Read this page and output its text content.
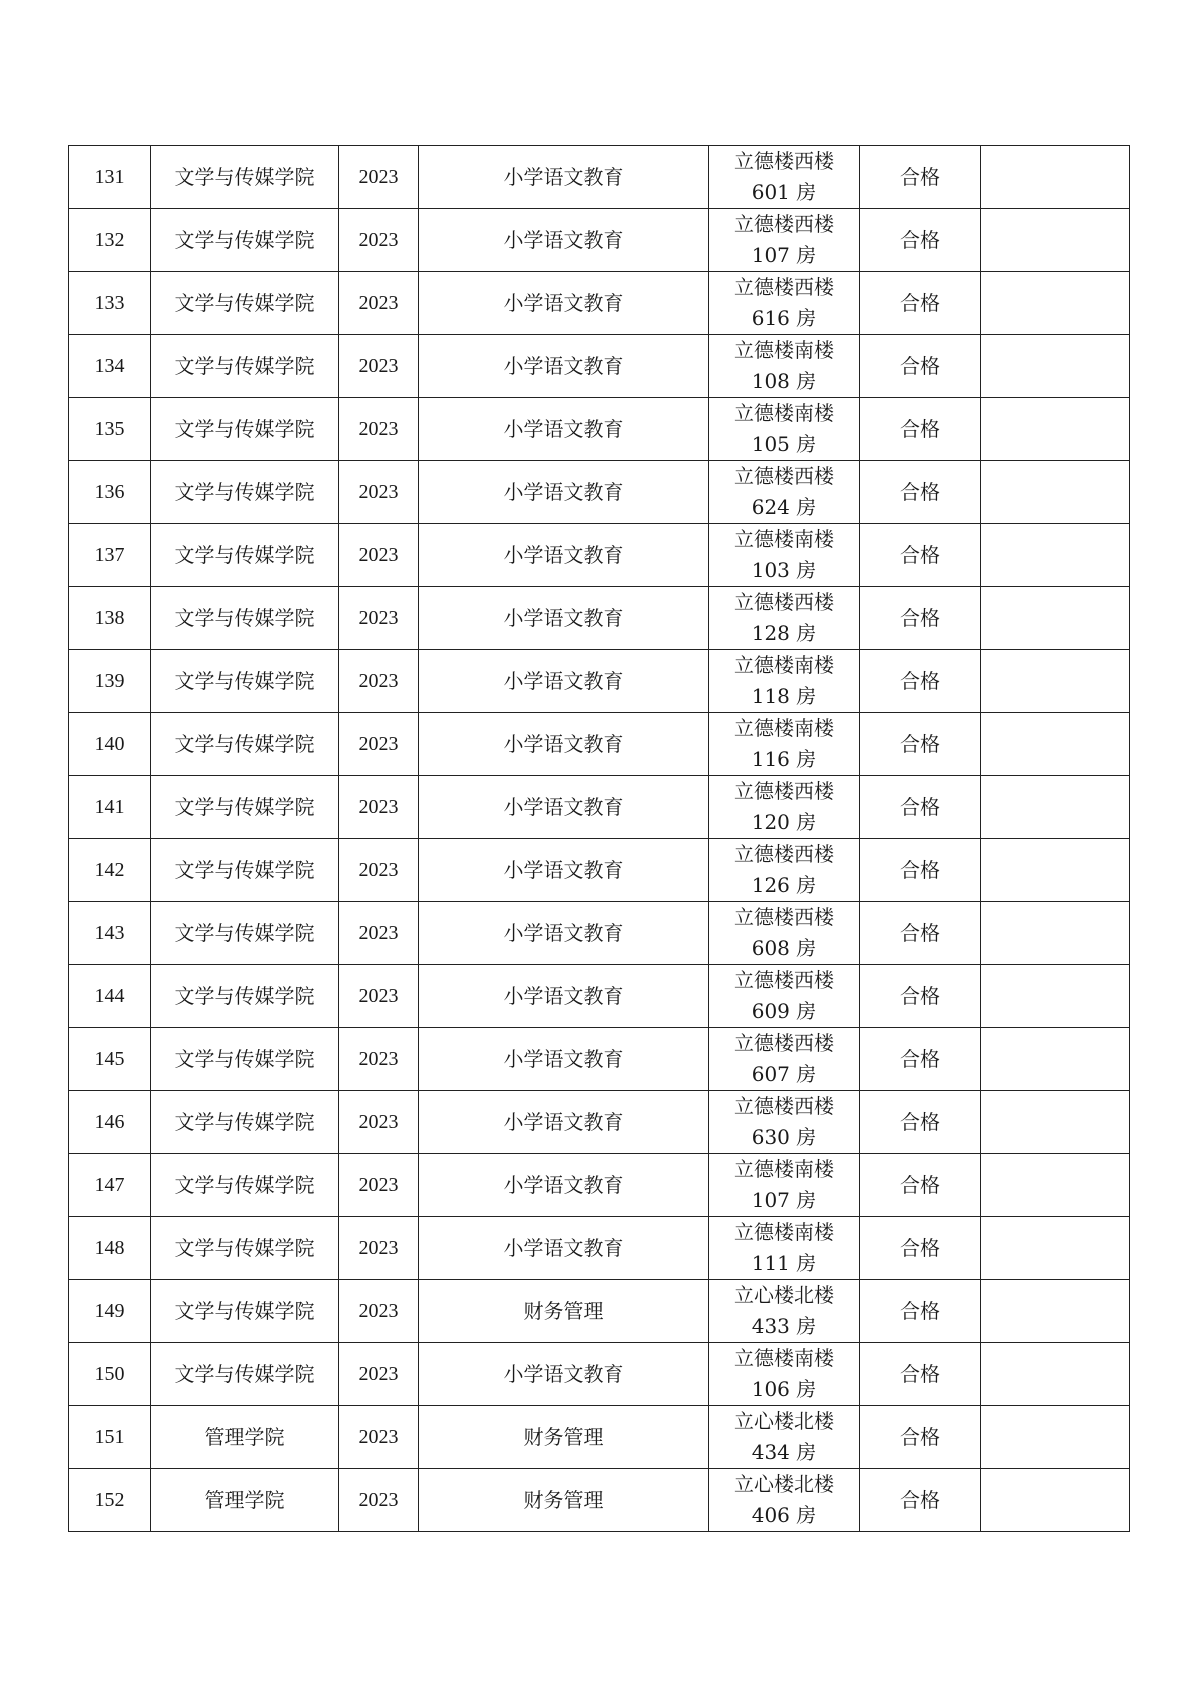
131	文学与传媒学院	2023	小学语文教育	立德楼西楼
601 房	合格	
132	文学与传媒学院	2023	小学语文教育	立德楼西楼
107 房	合格	
133	文学与传媒学院	2023	小学语文教育	立德楼西楼
616 房	合格	
134	文学与传媒学院	2023	小学语文教育	立德楼南楼
108 房	合格	
135	文学与传媒学院	2023	小学语文教育	立德楼南楼
105 房	合格	
136	文学与传媒学院	2023	小学语文教育	立德楼西楼
624 房	合格	
137	文学与传媒学院	2023	小学语文教育	立德楼南楼
103 房	合格	
138	文学与传媒学院	2023	小学语文教育	立德楼西楼
128 房	合格	
139	文学与传媒学院	2023	小学语文教育	立德楼南楼
118 房	合格	
140	文学与传媒学院	2023	小学语文教育	立德楼南楼
116 房	合格	
141	文学与传媒学院	2023	小学语文教育	立德楼西楼
120 房	合格	
142	文学与传媒学院	2023	小学语文教育	立德楼西楼
126 房	合格	
143	文学与传媒学院	2023	小学语文教育	立德楼西楼
608 房	合格	
144	文学与传媒学院	2023	小学语文教育	立德楼西楼
609 房	合格	
145	文学与传媒学院	2023	小学语文教育	立德楼西楼
607 房	合格	
146	文学与传媒学院	2023	小学语文教育	立德楼西楼
630 房	合格	
147	文学与传媒学院	2023	小学语文教育	立德楼南楼
107 房	合格	
148	文学与传媒学院	2023	小学语文教育	立德楼南楼
111 房	合格	
149	文学与传媒学院	2023	财务管理	立心楼北楼
433 房	合格	
150	文学与传媒学院	2023	小学语文教育	立德楼南楼
106 房	合格	
151	管理学院	2023	财务管理	立心楼北楼
434 房	合格	
152	管理学院	2023	财务管理	立心楼北楼
406 房	合格	
